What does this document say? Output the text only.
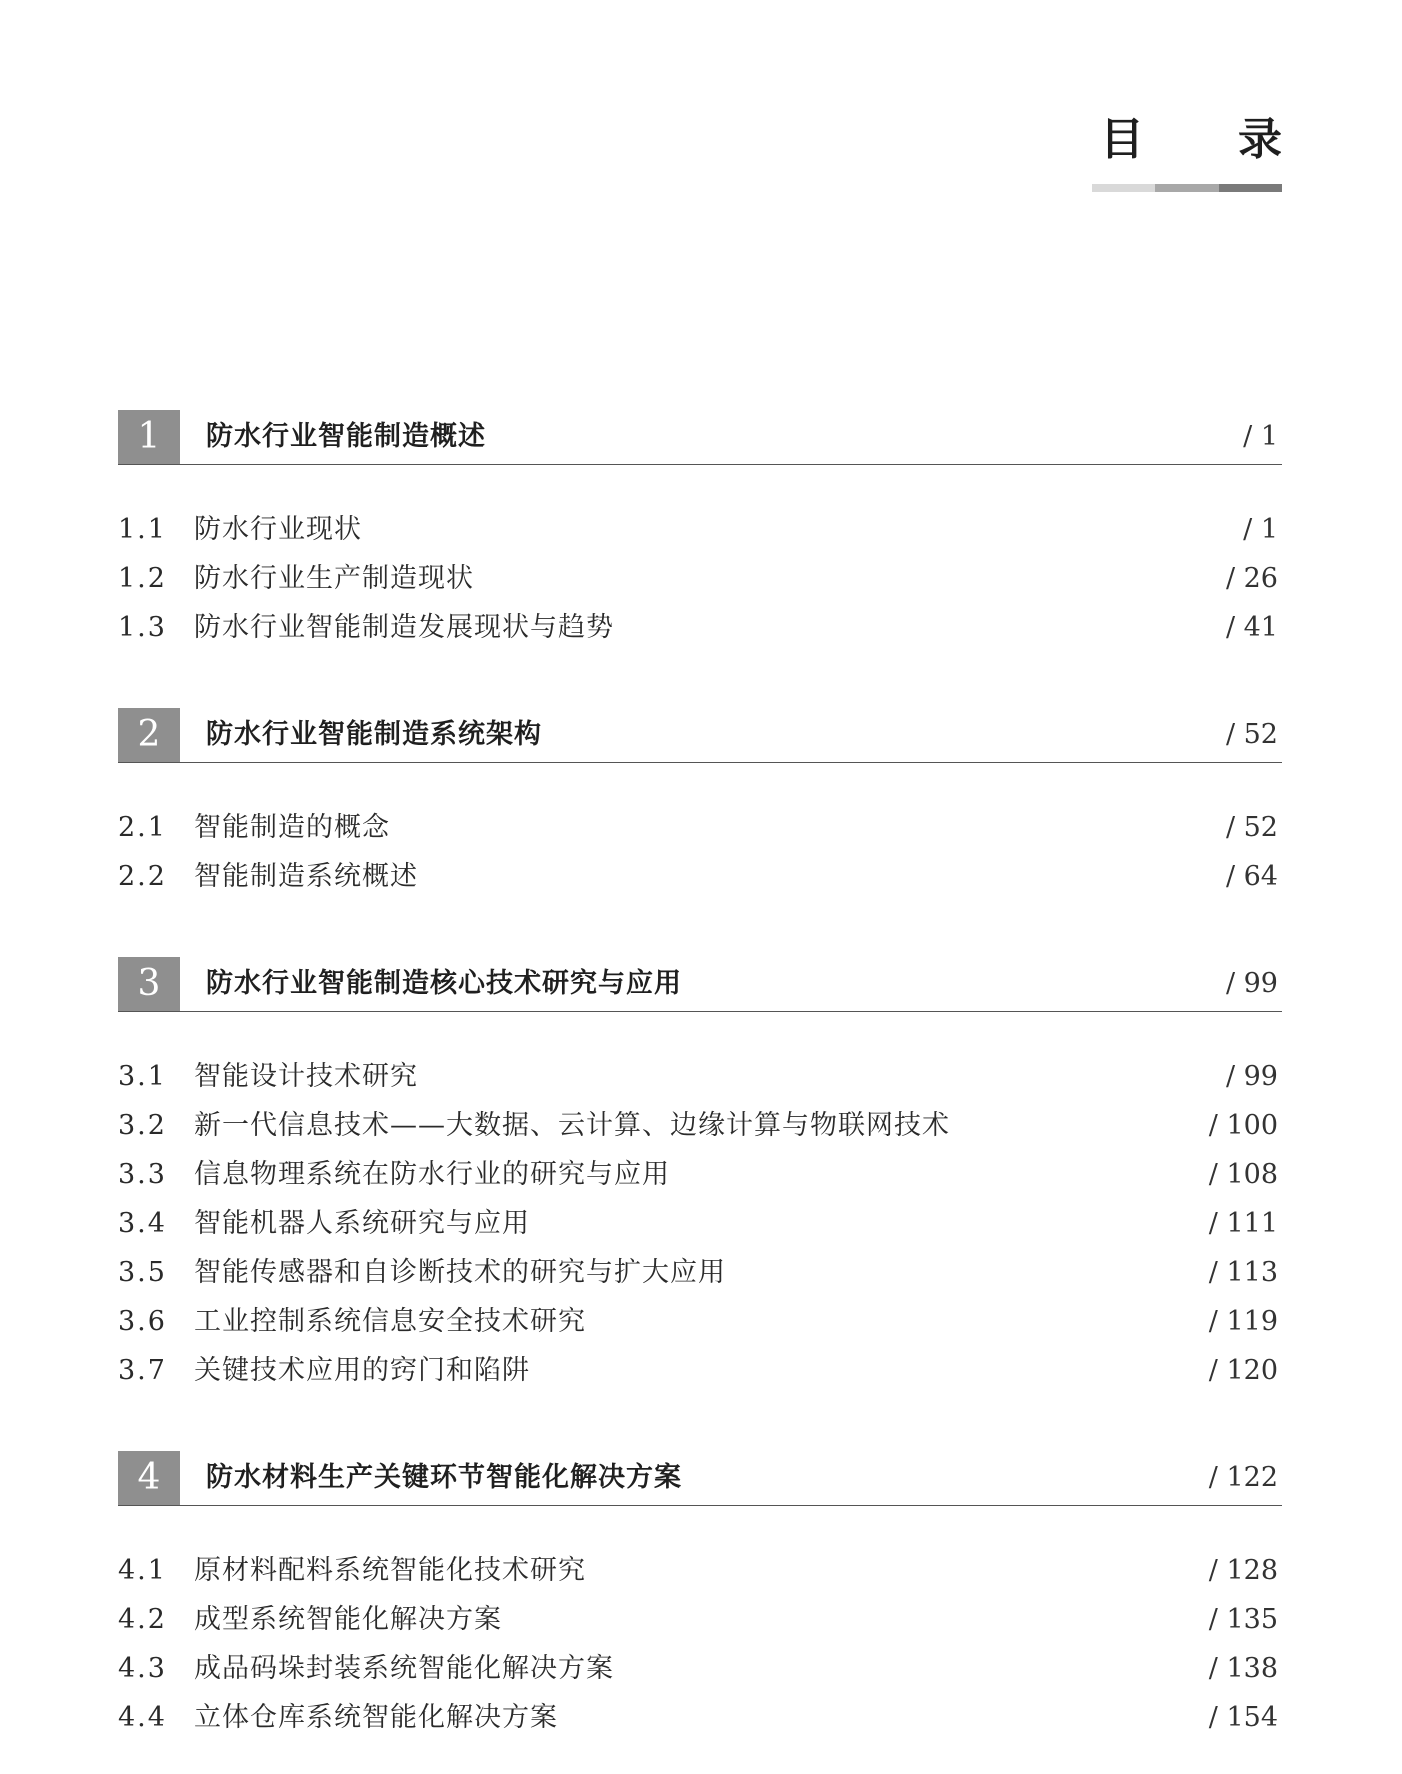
目 录
1	防水行业智能制造概述	/ 1
1.1 防水行业现状	/ 1
1.2 防水行业生产制造现状	/ 26
1.3 防水行业智能制造发展现状与趋势	/ 41
2	防水行业智能制造系统架构	/ 52
2.1 智能制造的概念	/ 52
2.2 智能制造系统概述	/ 64
3	防水行业智能制造核心技术研究与应用	/ 99
3.1 智能设计技术研究	/ 99
3.2 新一代信息技术——大数据、云计算、边缘计算与物联网技术	/ 100
3.3 信息物理系统在防水行业的研究与应用	/ 108
3.4 智能机器人系统研究与应用	/ 111
3.5 智能传感器和自诊断技术的研究与扩大应用	/ 113
3.6 工业控制系统信息安全技术研究	/ 119
3.7 关键技术应用的窍门和陷阱	/ 120
4	防水材料生产关键环节智能化解决方案	/ 122
4.1 原材料配料系统智能化技术研究	/ 128
4.2 成型系统智能化解决方案	/ 135
4.3 成品码垛封装系统智能化解决方案	/ 138
4.4 立体仓库系统智能化解决方案	/ 154
